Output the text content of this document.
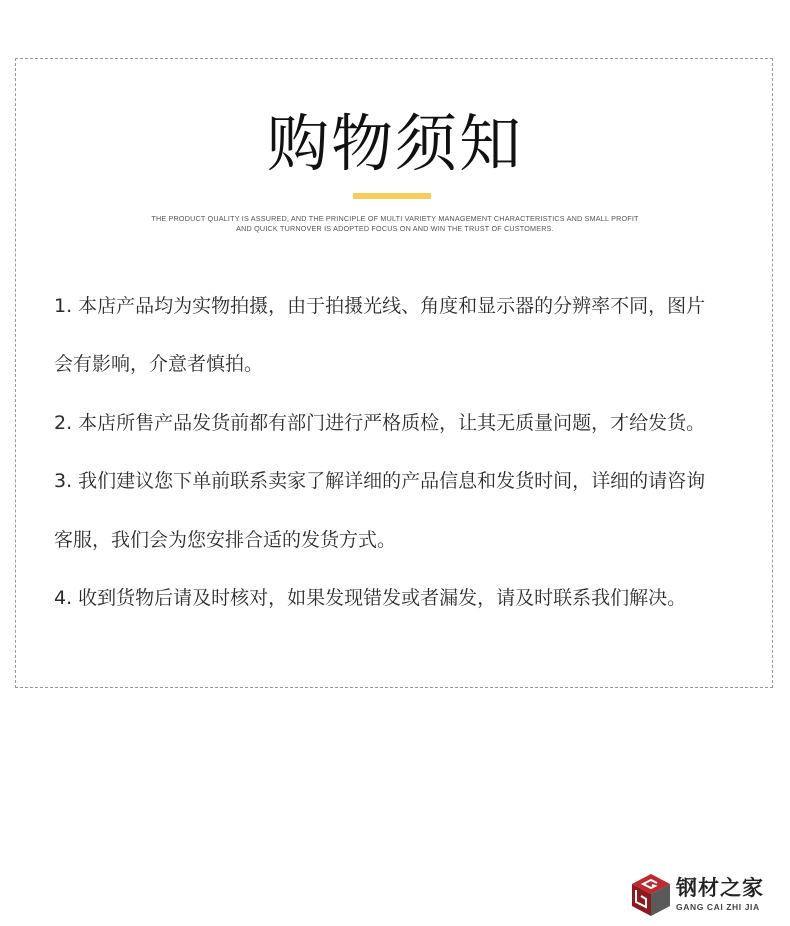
购物须知
THE PRODUCT QUALITY IS ASSURED, AND THE PRINCIPLE OF MULTI VARIETY MANAGEMENT CHARACTERISTICS AND SMALL PROFIT
AND QUICK TURNOVER IS ADOPTED FOCUS ON AND WIN THE TRUST OF CUSTOMERS.
1. 本店产品均为实物拍摄，由于拍摄光线、角度和显示器的分辨率不同，图片
会有影响，介意者慎拍。
2. 本店所售产品发货前都有部门进行严格质检，让其无质量问题，才给发货。
3. 我们建议您下单前联系卖家了解详细的产品信息和发货时间，详细的请咨询
客服，我们会为您安排合适的发货方式。
4. 收到货物后请及时核对，如果发现错发或者漏发，请及时联系我们解决。
钢材之家
GANG CAI ZHI JIA
